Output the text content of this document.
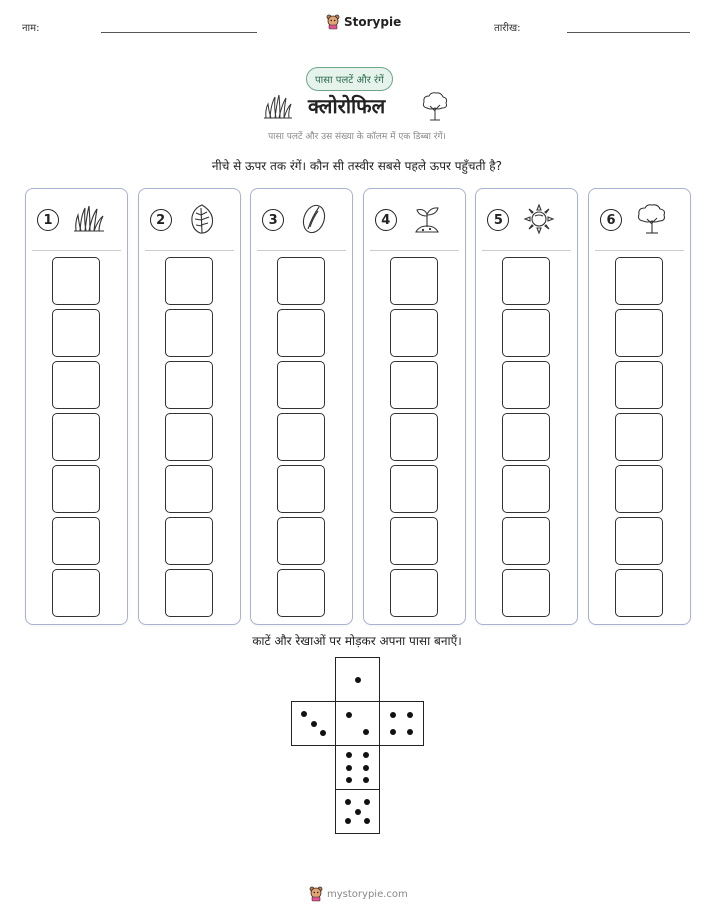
नाम:	Storypie	तारीख:
पासा पलटें और रंगें
क्लोरोफिल
पासा पलटें और उस संख्या के कॉलम में एक डिब्बा रंगें।
नीचे से ऊपर तक रंगें। कौन सी तस्वीर सबसे पहले ऊपर पहुँचती है?
1	2	3	4	5	6
काटें और रेखाओं पर मोड़कर अपना पासा बनाएँ।
mystorypie.com
